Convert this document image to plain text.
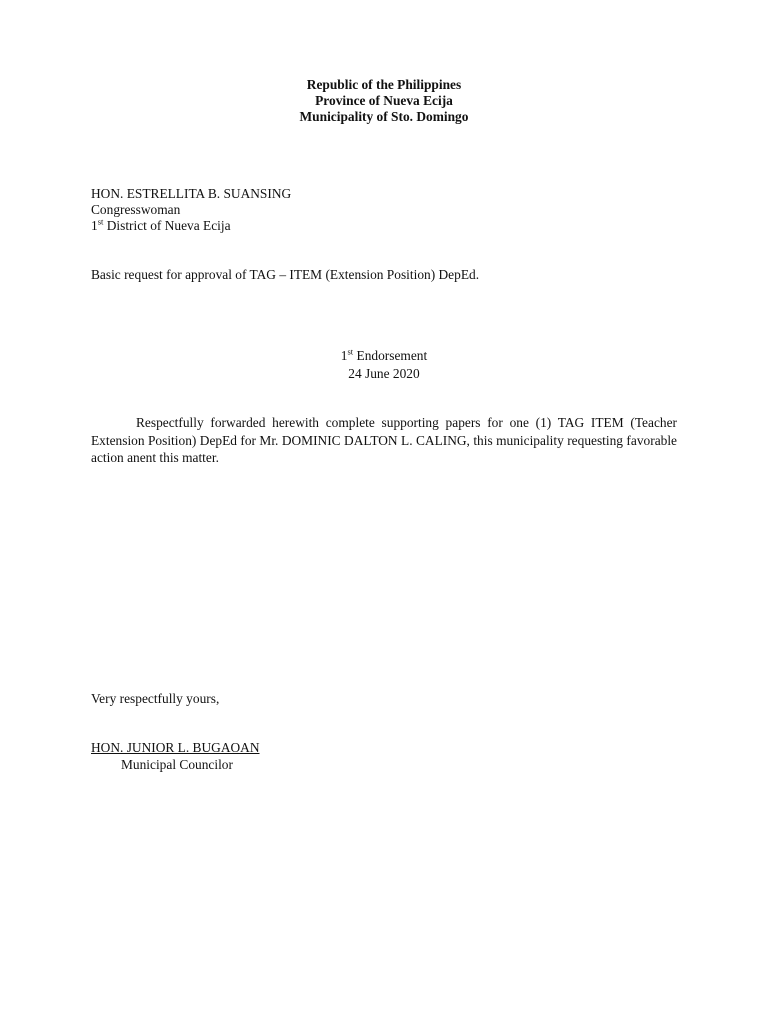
Republic of the Philippines
Province of Nueva Ecija
Municipality of Sto. Domingo
HON. ESTRELLITA B. SUANSING
Congresswoman
1st District of Nueva Ecija
Basic request for approval of TAG – ITEM (Extension Position) DepEd.
1st Endorsement
24 June 2020
Respectfully forwarded herewith complete supporting papers for one (1) TAG ITEM (Teacher Extension Position) DepEd for Mr. DOMINIC DALTON L. CALING, this municipality requesting favorable action anent this matter.
Very respectfully yours,
HON. JUNIOR L. BUGAOAN
Municipal Councilor
